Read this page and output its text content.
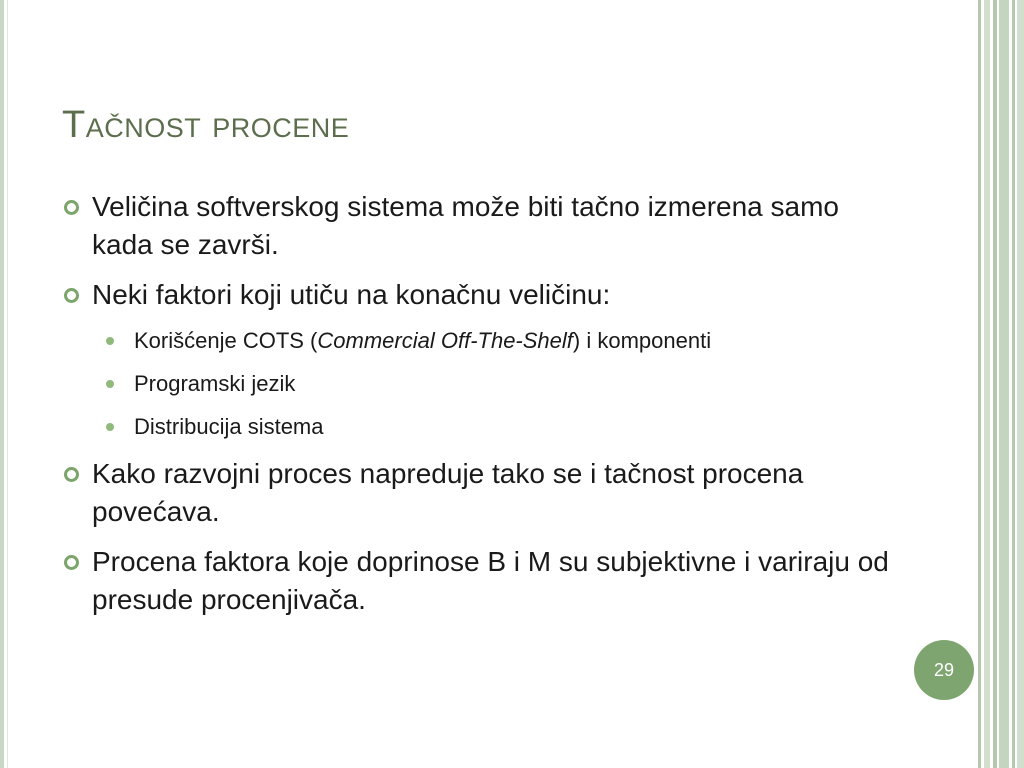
Tačnost procene
Veličina softverskog sistema može biti tačno izmerena samo kada se završi.
Neki faktori koji utiču na konačnu veličinu:
Korišćenje COTS (Commercial Off-The-Shelf) i komponenti
Programski jezik
Distribucija sistema
Kako razvojni proces napreduje tako se i tačnost procena povećava.
Procena faktora koje doprinose B i M su subjektivne i variraju od presude procenjivača.
29
